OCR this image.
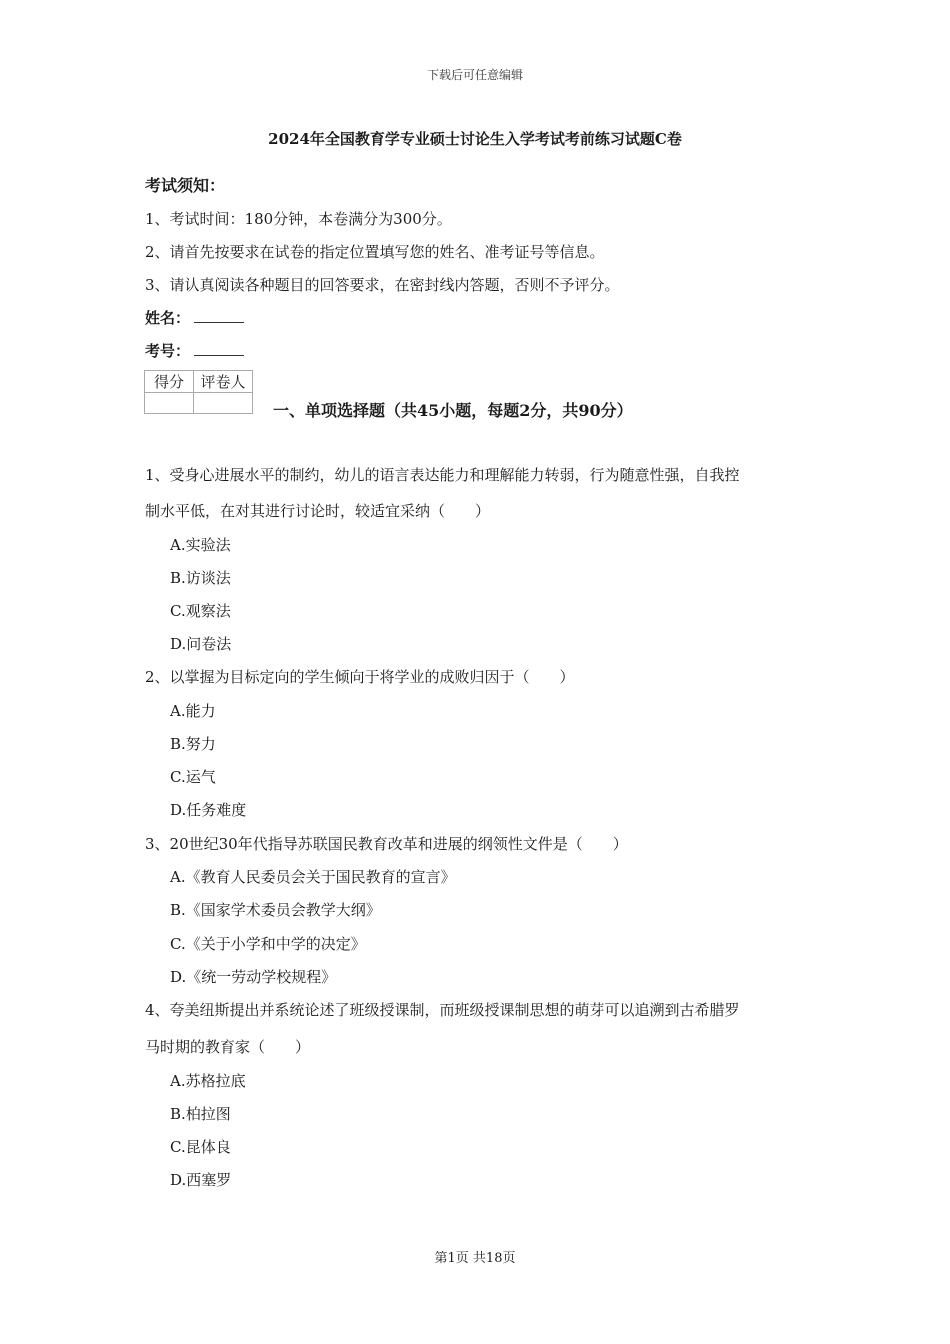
下载后可任意编辑
2024年全国教育学专业硕士讨论生入学考试考前练习试题C卷
考试须知：
1、考试时间：180分钟，本卷满分为300分。
2、请首先按要求在试卷的指定位置填写您的姓名、准考证号等信息。
3、请认真阅读各种题目的回答要求，在密封线内答题，否则不予评分。
姓名：
考号：
得分	评卷人

一、单项选择题（共45小题，每题2分，共90分）
1、受身心进展水平的制约，幼儿的语言表达能力和理解能力转弱，行为随意性强，自我控
制水平低，在对其进行讨论时，较适宜采纳（　　）
A.实验法
B.访谈法
C.观察法
D.问卷法
2、以掌握为目标定向的学生倾向于将学业的成败归因于（　　）
A.能力
B.努力
C.运气
D.任务难度
3、20世纪30年代指导苏联国民教育改革和进展的纲领性文件是（　　）
A.《教育人民委员会关于国民教育的宣言》
B.《国家学术委员会教学大纲》
C.《关于小学和中学的决定》
D.《统一劳动学校规程》
4、夸美纽斯提出并系统论述了班级授课制，而班级授课制思想的萌芽可以追溯到古希腊罗
马时期的教育家（　　）
A.苏格拉底
B.柏拉图
C.昆体良
D.西塞罗
第1页 共18页
